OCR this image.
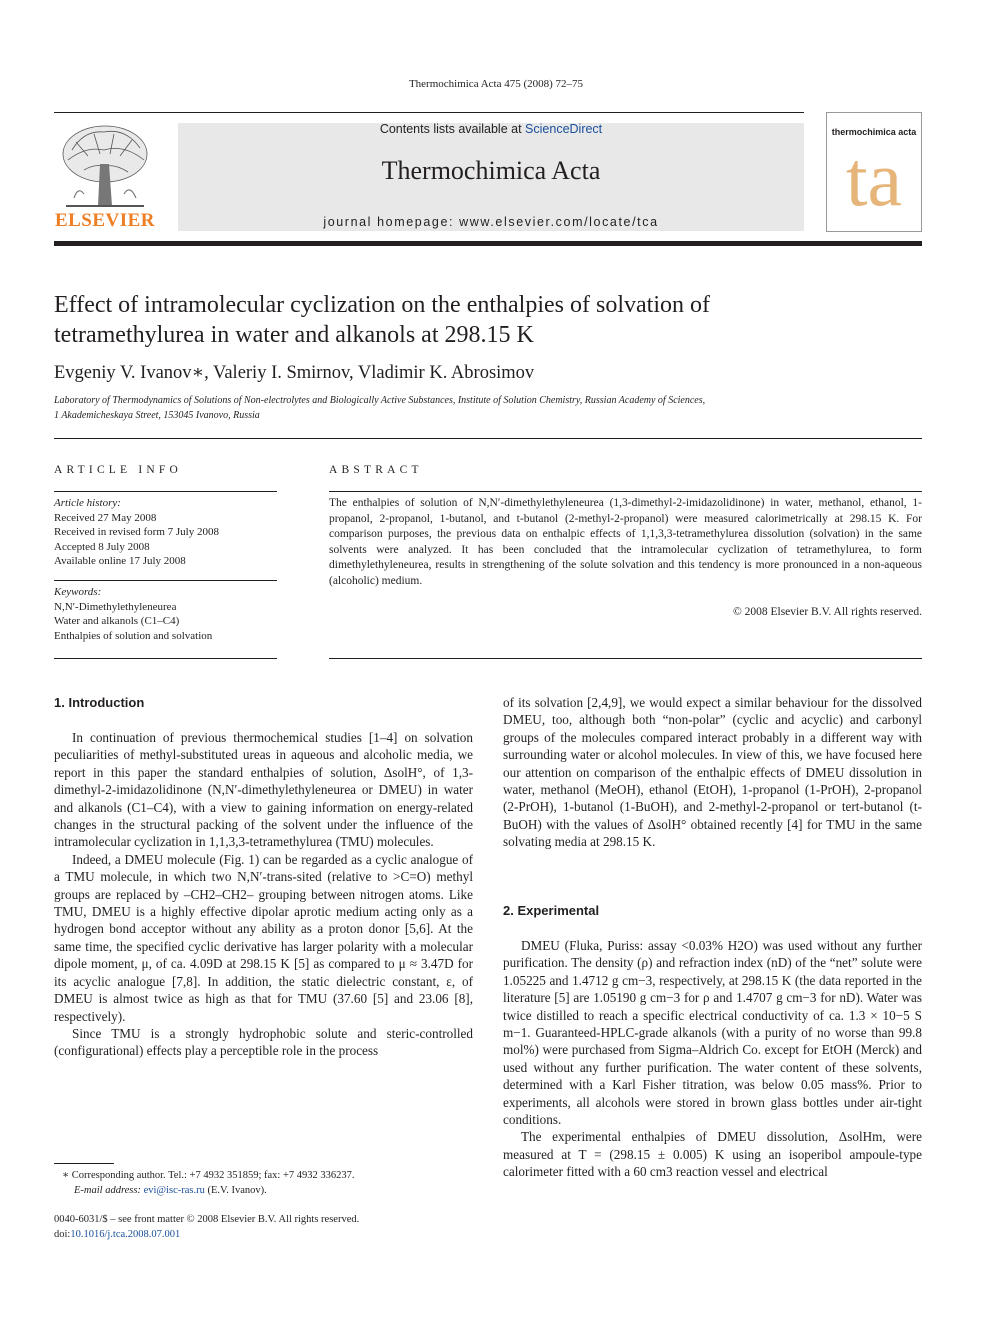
Thermochimica Acta 475 (2008) 72–75
ELSEVIER
Contents lists available at ScienceDirect
Thermochimica Acta
journal homepage: www.elsevier.com/locate/tca
thermochimica acta
ta
Effect of intramolecular cyclization on the enthalpies of solvation of
tetramethylurea in water and alkanols at 298.15 K
Evgeniy V. Ivanov∗, Valeriy I. Smirnov, Vladimir K. Abrosimov
Laboratory of Thermodynamics of Solutions of Non-electrolytes and Biologically Active Substances, Institute of Solution Chemistry, Russian Academy of Sciences,
1 Akademicheskaya Street, 153045 Ivanovo, Russia
ARTICLE INFO
Article history:
Received 27 May 2008
Received in revised form 7 July 2008
Accepted 8 July 2008
Available online 17 July 2008
Keywords:
N,N′-Dimethylethyleneurea
Water and alkanols (C1–C4)
Enthalpies of solution and solvation
ABSTRACT
The enthalpies of solution of N,N′-dimethylethyleneurea (1,3-dimethyl-2-imidazolidinone) in water, methanol, ethanol, 1-propanol, 2-propanol, 1-butanol, and t-butanol (2-methyl-2-propanol) were measured calorimetrically at 298.15 K. For comparison purposes, the previous data on enthalpic effects of 1,1,3,3-tetramethylurea dissolution (solvation) in the same solvents were analyzed. It has been concluded that the intramolecular cyclization of tetramethylurea, to form dimethylethyleneurea, results in strengthening of the solute solvation and this tendency is more pronounced in a non-aqueous (alcoholic) medium.
© 2008 Elsevier B.V. All rights reserved.
1. Introduction

In continuation of previous thermochemical studies [1–4] on solvation peculiarities of methyl-substituted ureas in aqueous and alcoholic media, we report in this paper the standard enthalpies of solution, ΔsolH°, of 1,3-dimethyl-2-imidazolidinone (N,N′-dimethylethyleneurea or DMEU) in water and alkanols (C1–C4), with a view to gaining information on energy-related changes in the structural packing of the solvent under the influence of the intramolecular cyclization in 1,1,3,3-tetramethylurea (TMU) molecules.

Indeed, a DMEU molecule (Fig. 1) can be regarded as a cyclic analogue of a TMU molecule, in which two N,N′-trans-sited (relative to >C=O) methyl groups are replaced by –CH2–CH2– grouping between nitrogen atoms. Like TMU, DMEU is a highly effective dipolar aprotic medium acting only as a hydrogen bond acceptor without any ability as a proton donor [5,6]. At the same time, the specified cyclic derivative has larger polarity with a molecular dipole moment, μ, of ca. 4.09D at 298.15 K [5] as compared to μ ≈ 3.47D for its acyclic analogue [7,8]. In addition, the static dielectric constant, ε, of DMEU is almost twice as high as that for TMU (37.60 [5] and 23.06 [8], respectively).

Since TMU is a strongly hydrophobic solute and steric-controlled (configurational) effects play a perceptible role in the process

of its solvation [2,4,9], we would expect a similar behaviour for the dissolved DMEU, too, although both “non-polar” (cyclic and acyclic) and carbonyl groups of the molecules compared interact probably in a different way with surrounding water or alcohol molecules. In view of this, we have focused here our attention on comparison of the enthalpic effects of DMEU dissolution in water, methanol (MeOH), ethanol (EtOH), 1-propanol (1-PrOH), 2-propanol (2-PrOH), 1-butanol (1-BuOH), and 2-methyl-2-propanol or tert-butanol (t-BuOH) with the values of ΔsolH° obtained recently [4] for TMU in the same solvating media at 298.15 K.

2. Experimental

DMEU (Fluka, Puriss: assay <0.03% H2O) was used without any further purification. The density (ρ) and refraction index (nD) of the “net” solute were 1.05225 and 1.4712 g cm−3, respectively, at 298.15 K (the data reported in the literature [5] are 1.05190 g cm−3 for ρ and 1.4707 g cm−3 for nD). Water was twice distilled to reach a specific electrical conductivity of ca. 1.3 × 10−5 S m−1. Guaranteed-HPLC-grade alkanols (with a purity of no worse than 99.8 mol%) were purchased from Sigma–Aldrich Co. except for EtOH (Merck) and used without any further purification. The water content of these solvents, determined with a Karl Fisher titration, was below 0.05 mass%. Prior to experiments, all alcohols were stored in brown glass bottles under air-tight conditions.

The experimental enthalpies of DMEU dissolution, ΔsolHm, were measured at T = (298.15 ± 0.005) K using an isoperibol ampoule-type calorimeter fitted with a 60 cm3 reaction vessel and electrical

∗ Corresponding author. Tel.: +7 4932 351859; fax: +7 4932 336237.
E-mail address: evi@isc-ras.ru (E.V. Ivanov).
0040-6031/$ – see front matter © 2008 Elsevier B.V. All rights reserved.
doi:10.1016/j.tca.2008.07.001
